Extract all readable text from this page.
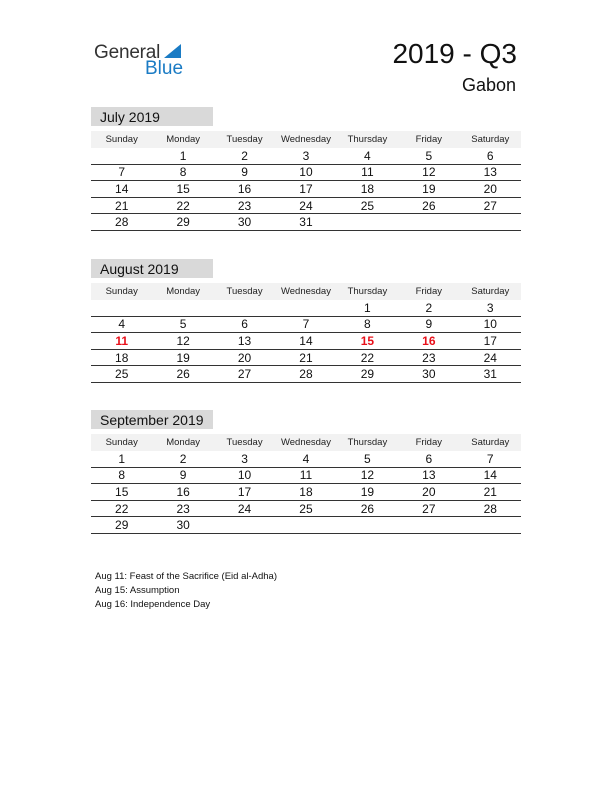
General
Blue	2019 - Q3
Gabon
July 2019
Sunday	Monday	Tuesday	Wednesday	Thursday	Friday	Saturday
	1	2	3	4	5	6
7	8	9	10	11	12	13
14	15	16	17	18	19	20
21	22	23	24	25	26	27
28	29	30	31			
August 2019
Sunday	Monday	Tuesday	Wednesday	Thursday	Friday	Saturday
				1	2	3
4	5	6	7	8	9	10
11	12	13	14	15	16	17
18	19	20	21	22	23	24
25	26	27	28	29	30	31
September 2019
Sunday	Monday	Tuesday	Wednesday	Thursday	Friday	Saturday
1	2	3	4	5	6	7
8	9	10	11	12	13	14
15	16	17	18	19	20	21
22	23	24	25	26	27	28
29	30					
Aug 11: Feast of the Sacrifice (Eid al-Adha)
Aug 15: Assumption
Aug 16: Independence Day
